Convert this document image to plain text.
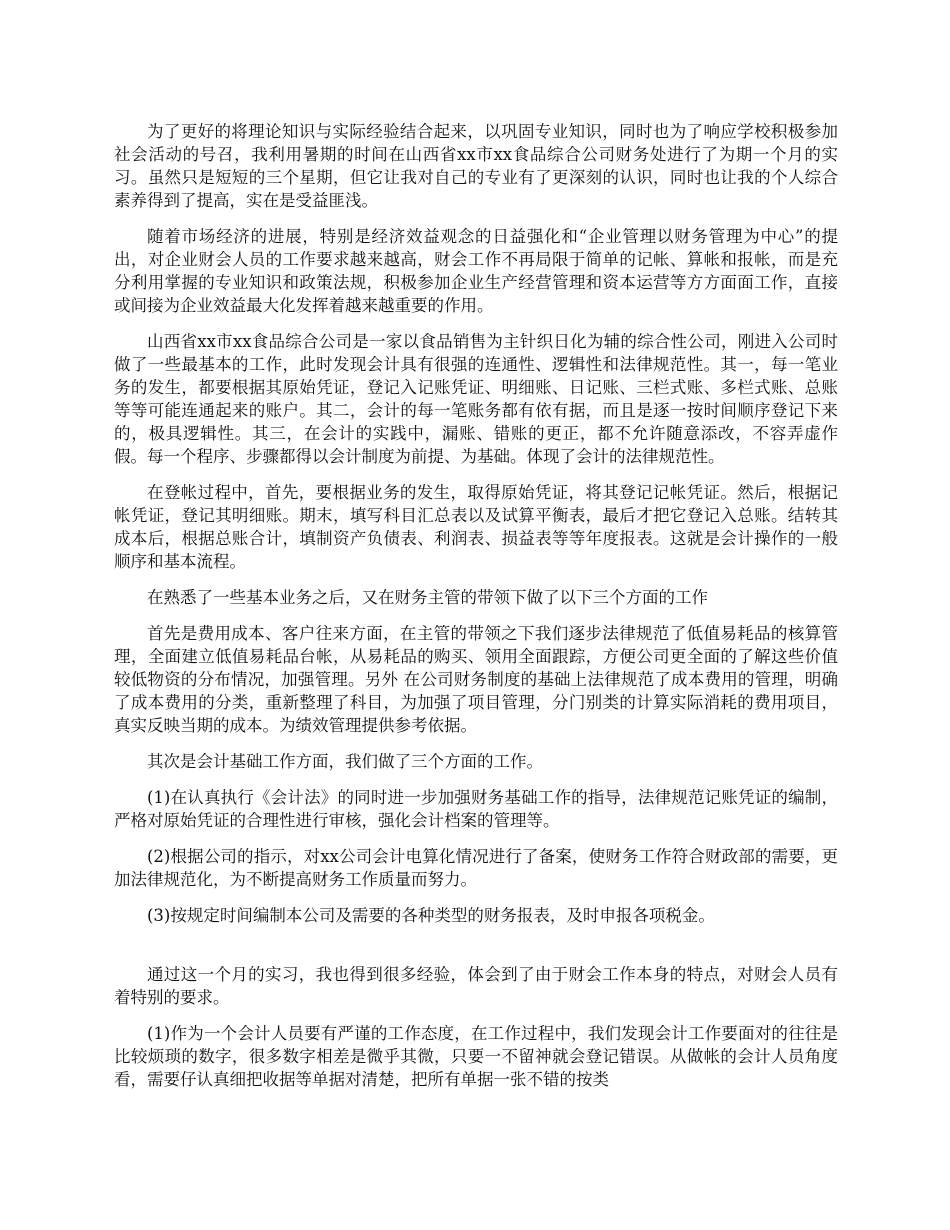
为了更好的将理论知识与实际经验结合起来，以巩固专业知识，同时也为了响应学校积极参加社会活动的号召，我利用暑期的时间在山西省xx市xx食品综合公司财务处进行了为期一个月的实习。虽然只是短短的三个星期，但它让我对自己的专业有了更深刻的认识，同时也让我的个人综合素养得到了提高，实在是受益匪浅。

随着市场经济的进展，特别是经济效益观念的日益强化和“企业管理以财务管理为中心”的提出，对企业财会人员的工作要求越来越高，财会工作不再局限于简单的记帐、算帐和报帐，而是充分利用掌握的专业知识和政策法规，积极参加企业生产经营管理和资本运营等方方面面工作，直接或间接为企业效益最大化发挥着越来越重要的作用。

山西省xx市xx食品综合公司是一家以食品销售为主针织日化为辅的综合性公司，刚进入公司时做了一些最基本的工作，此时发现会计具有很强的连通性、逻辑性和法律规范性。其一，每一笔业务的发生，都要根据其原始凭证，登记入记账凭证、明细账、日记账、三栏式账、多栏式账、总账等等可能连通起来的账户。其二，会计的每一笔账务都有依有据，而且是逐一按时间顺序登记下来的，极具逻辑性。其三，在会计的实践中，漏账、错账的更正，都不允许随意添改，不容弄虚作假。每一个程序、步骤都得以会计制度为前提、为基础。体现了会计的法律规范性。

在登帐过程中，首先，要根据业务的发生，取得原始凭证，将其登记记帐凭证。然后，根据记帐凭证，登记其明细账。期末，填写科目汇总表以及试算平衡表，最后才把它登记入总账。结转其成本后，根据总账合计，填制资产负债表、利润表、损益表等等年度报表。这就是会计操作的一般顺序和基本流程。

在熟悉了一些基本业务之后，又在财务主管的带领下做了以下三个方面的工作

首先是费用成本、客户往来方面，在主管的带领之下我们逐步法律规范了低值易耗品的核算管理，全面建立低值易耗品台帐，从易耗品的购买、领用全面跟踪，方便公司更全面的了解这些价值较低物资的分布情况，加强管理。另外 在公司财务制度的基础上法律规范了成本费用的管理，明确了成本费用的分类，重新整理了科目，为加强了项目管理，分门别类的计算实际消耗的费用项目，真实反映当期的成本。为绩效管理提供参考依据。

其次是会计基础工作方面，我们做了三个方面的工作。

(1)在认真执行《会计法》的同时进一步加强财务基础工作的指导，法律规范记账凭证的编制，严格对原始凭证的合理性进行审核，强化会计档案的管理等。

(2)根据公司的指示，对xx公司会计电算化情况进行了备案，使财务工作符合财政部的需要，更加法律规范化，为不断提高财务工作质量而努力。

(3)按规定时间编制本公司及需要的各种类型的财务报表，及时申报各项税金。

通过这一个月的实习，我也得到很多经验，体会到了由于财会工作本身的特点，对财会人员有着特别的要求。

(1)作为一个会计人员要有严谨的工作态度，在工作过程中，我们发现会计工作要面对的往往是比较烦琐的数字，很多数字相差是微乎其微，只要一不留神就会登记错误。从做帐的会计人员角度看，需要仔认真细把收据等单据对清楚，把所有单据一张不错的按类
